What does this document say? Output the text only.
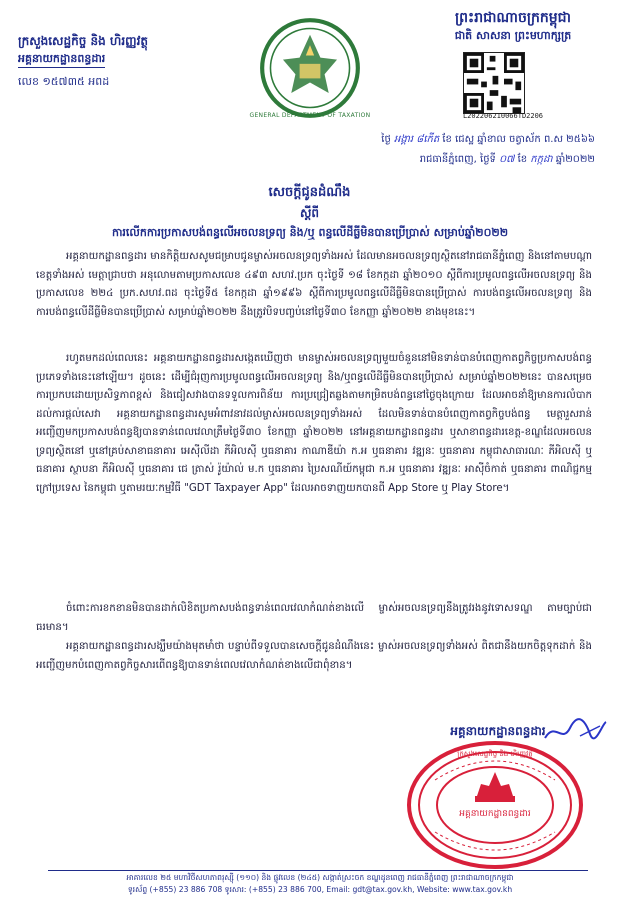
ក្រសួងសេដ្ឋកិច្ច និង ហិរញ្ញវត្ថុ
អគ្គនាយកដ្ឋានពន្ធដារ
លេខ ១៥៧៣៥ អពដ
GENERAL DEPARTMENT OF TAXATION
ព្រះរាជាណាចក្រកម្ពុជា
ជាតិ សាសនា ព្រះមហាក្សត្រ
L202206210066TD2206
ថ្ងៃ អង្គារ ៨កើត ខែ ជេស្ឋ ឆ្នាំខាល ចត្វាស័ក ព.ស ២៥៦៦
រាជធានីភ្នំពេញ, ថ្ងៃទី ០៧ ខែ កក្កដា ឆ្នាំ២០២២
សេចក្តីជូនដំណឹង
ស្តីពី
ការលើកការប្រកាសបង់ពន្ធលើអចលនទ្រព្យ និង/ឬ ពន្ធលើដីធ្លីមិនបានប្រើប្រាស់ សម្រាប់ឆ្នាំ២០២២

អគ្គនាយកដ្ឋានពន្ធដារ មានកិត្តិយសសូមជម្រាបជូនម្ចាស់អចលនទ្រព្យទាំងអស់ ដែលមានអចលនទ្រព្យស្ថិតនៅរាជធានីភ្នំពេញ និងនៅតាមបណ្តាខេត្តទាំងអស់ មេត្តាជ្រាបថា អនុលោមតាមប្រកាសលេខ ៤៩៣ សហវ.ប្រក ចុះថ្ងៃទី ១៨ ខែកក្កដា ឆ្នាំ២០១០ ស្តីពីការប្រមូលពន្ធលើអចលនទ្រព្យ និងប្រកាសលេខ ២២៤ ប្រក.សហវ.ពដ ចុះថ្ងៃទី៥ ខែកក្កដា ឆ្នាំ១៩៩៦ ស្តីពីការប្រមូលពន្ធលើដីធ្លីមិនបានប្រើប្រាស់ ការបង់ពន្ធលើអចលនទ្រព្យ និងការបង់ពន្ធលើដីធ្លីមិនបានប្រើប្រាស់ សម្រាប់ឆ្នាំ២០២២ នឹងត្រូវបិទបញ្ចប់នៅថ្ងៃទី៣០ ខែកញ្ញា ឆ្នាំ២០២២ ខាងមុខនេះ។

រហូតមកដល់ពេលនេះ អគ្គនាយកដ្ឋានពន្ធដារសង្កេតឃើញថា មានម្ចាស់អចលនទ្រព្យមួយចំនួននៅមិនទាន់បានបំពេញកាតព្វកិច្ចប្រកាសបង់ពន្ធប្រភេទទាំងនេះនៅឡើយ។ ដូចនេះ ដើម្បីជំរុញការប្រមូលពន្ធលើអចលនទ្រព្យ និង/ឬពន្ធលើដីធ្លីមិនបានប្រើប្រាស់ សម្រាប់ឆ្នាំ២០២២នេះ បានសម្រេចការប្រកបដោយប្រសិទ្ធភាពខ្ពស់ និងជៀសវាងបានទទួលការពិន័យ ការប្រជ្រៀតឆ្លងតាមកម្រិតបង់ពន្ធនៅថ្ងៃចុងក្រោយ ដែលអាចនាំឱ្យមានការលំបាកដល់ការផ្តល់សេវា អគ្គនាយកដ្ឋានពន្ធដារសូមអំពាវនាវដល់ម្ចាស់អចលនទ្រព្យទាំងអស់ ដែលមិនទាន់បានបំពេញកាតព្វកិច្ចបង់ពន្ធ មេត្តារួសរាន់អញ្ជើញមកប្រកាសបង់ពន្ធឱ្យបានទាន់ពេលវេលាត្រឹមថ្ងៃទី៣០ ខែកញ្ញា ឆ្នាំ២០២២ នៅអគ្គនាយកដ្ឋានពន្ធដារ ឬសាខាពន្ធដារខេត្ត-ខណ្ឌដែលអចលនទ្រព្យស្ថិតនៅ ឬនៅគ្រប់សាខាធនាគារ អេស៊ីលីដា ភីអិលស៊ី ឬធនាគារ កាណាឌីយ៉ា ក.អ ឬធនាគារ វឌ្ឍនៈ ឬធនាគារ កម្ពុជាសាធារណៈ ភីអិលស៊ី ឬធនាគារ ស្ថាបនា ភីអិលស៊ី ឬធនាគារ ជេ ត្រាស់ រ៉ូយ៉ាល់ ម.ក ឬធនាគារ ប្រៃសណីយ៍កម្ពុជា ក.អ ឬធនាគារ វឌ្ឍនៈ អាស៊ីចំកាត់ ឬធនាគារ ពាណិជ្ជកម្មក្រៅប្រទេស នៃកម្ពុជា ឬតាមរយៈកម្មវិធី "GDT Taxpayer App" ដែលអាចទាញយកបានពី App Store ឬ Play Store។

ចំពោះការខកខានមិនបានដាក់លិខិតប្រកាសបង់ពន្ធទាន់ពេលវេលាកំណត់ខាងលើ ម្ចាស់អចលនទ្រព្យនឹងត្រូវរងនូវទោសទណ្ឌ តាមច្បាប់ជាធរមាន។

អគ្គនាយកដ្ឋានពន្ធដារសង្ឃឹមយ៉ាងមុតមាំថា បន្ទាប់ពីទទួលបានសេចក្តីជូនដំណឹងនេះ ម្ចាស់អចលនទ្រព្យទាំងអស់ ពិតជានឹងយកចិត្តទុកដាក់ និងអញ្ជើញមកបំពេញកាតព្វកិច្ចសារពើពន្ធឱ្យបានទាន់ពេលវេលាកំណត់ខាងលើជាពុំខាន។

អគ្គនាយកដ្ឋានពន្ធដារ
អគ្គនាយកដ្ឋានពន្ធដារ
ក្រសួងសេដ្ឋកិច្ច និង ហិរញ្ញវត្ថុ
អាគារលេខ ២៥ មហាវិថីសហភាពរុស្ស៊ី (១១០) និង ផ្លូវលេខ (២៤៥) សង្កាត់ស្រះចក ខណ្ឌដូនពេញ រាជធានីភ្នំពេញ ព្រះរាជាណាចក្រកម្ពុជា
ទូរស័ព្ទ (+855) 23 886 708 ទូរសារ: (+855) 23 886 700, Email: gdt@tax.gov.kh, Website: www.tax.gov.kh
